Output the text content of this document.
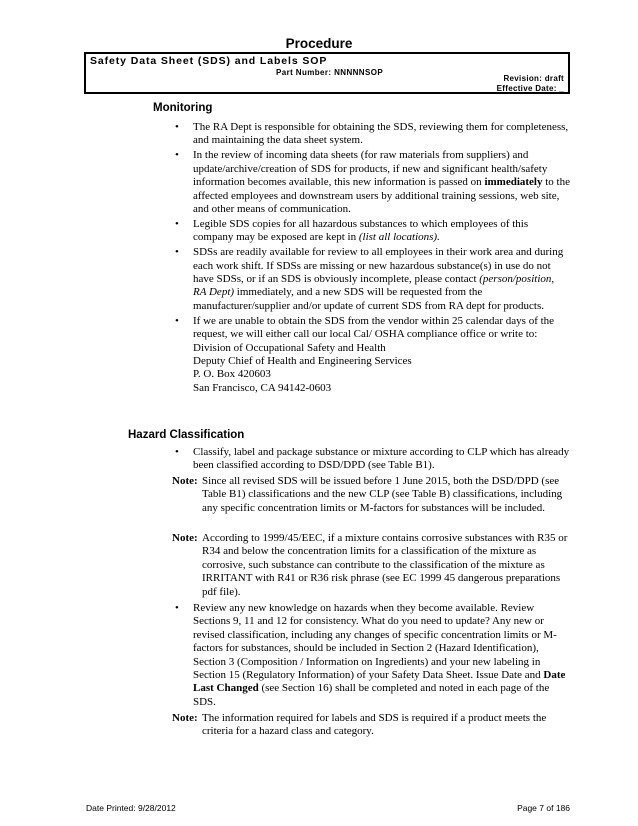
Procedure
Safety Data Sheet (SDS) and Labels SOP
Part Number: NNNNNSOP
Revision: draft
Effective Date: _
Monitoring
• The RA Dept is responsible for obtaining the SDS, reviewing them for completeness, and maintaining the data sheet system.
• In the review of incoming data sheets (for raw materials from suppliers) and update/archive/creation of SDS for products, if new and significant health/safety information becomes available, this new information is passed on immediately to the affected employees and downstream users by additional training sessions, web site, and other means of communication.
• Legible SDS copies for all hazardous substances to which employees of this company may be exposed are kept in (list all locations).
• SDSs are readily available for review to all employees in their work area and during each work shift. If SDSs are missing or new hazardous substance(s) in use do not have SDSs, or if an SDS is obviously incomplete, please contact (person/position, RA Dept) immediately, and a new SDS will be requested from the manufacturer/supplier and/or update of current SDS from RA dept for products.
• If we are unable to obtain the SDS from the vendor within 25 calendar days of the request, we will either call our local Cal/ OSHA compliance office or write to:
Division of Occupational Safety and Health
Deputy Chief of Health and Engineering Services
P. O. Box 420603
San Francisco, CA 94142-0603
Hazard Classification
• Classify, label and package substance or mixture according to CLP which has already been classified according to DSD/DPD (see Table B1).
Note: Since all revised SDS will be issued before 1 June 2015, both the DSD/DPD (see Table B1) classifications and the new CLP (see Table B) classifications, including any specific concentration limits or M-factors for substances will be included.
Note: According to 1999/45/EEC, if a mixture contains corrosive substances with R35 or R34 and below the concentration limits for a classification of the mixture as corrosive, such substance can contribute to the classification of the mixture as IRRITANT with R41 or R36 risk phrase (see EC 1999 45 dangerous preparations pdf file).
• Review any new knowledge on hazards when they become available. Review Sections 9, 11 and 12 for consistency. What do you need to update? Any new or revised classification, including any changes of specific concentration limits or M-factors for substances, should be included in Section 2 (Hazard Identification), Section 3 (Composition / Information on Ingredients) and your new labeling in Section 15 (Regulatory Information) of your Safety Data Sheet. Issue Date and Date Last Changed (see Section 16) shall be completed and noted in each page of the SDS.
Note: The information required for labels and SDS is required if a product meets the criteria for a hazard class and category.
Date Printed: 9/28/2012	Page 7 of 186
